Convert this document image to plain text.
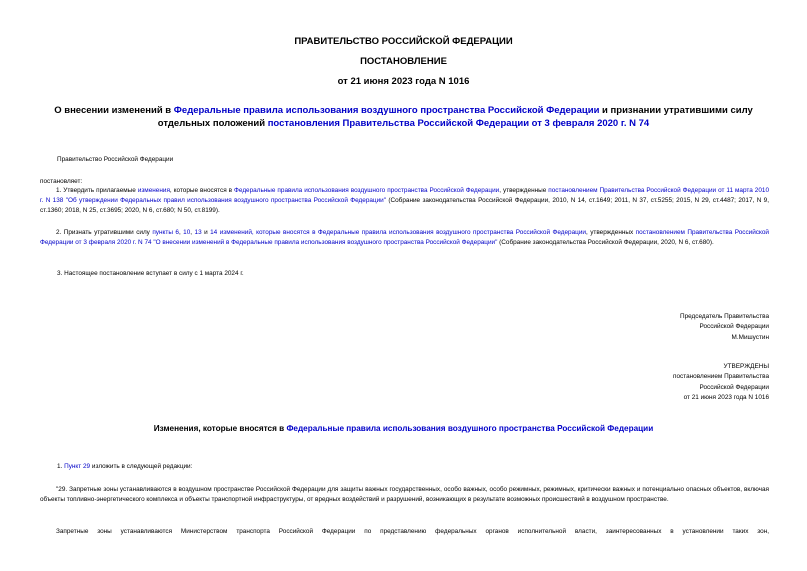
ПРАВИТЕЛЬСТВО РОССИЙСКОЙ ФЕДЕРАЦИИ
ПОСТАНОВЛЕНИЕ
от 21 июня 2023 года N 1016
О внесении изменений в Федеральные правила использования воздушного пространства Российской Федерации и признании утратившими силу отдельных положений постановления Правительства Российской Федерации от 3 февраля 2020 г. N 74
Правительство Российской Федерации
постановляет:
1. Утвердить прилагаемые изменения, которые вносятся в Федеральные правила использования воздушного пространства Российской Федерации, утвержденные постановлением Правительства Российской Федерации от 11 марта 2010 г. N 138 "Об утверждении Федеральных правил использования воздушного пространства Российской Федерации" (Собрание законодательства Российской Федерации, 2010, N 14, ст.1649; 2011, N 37, ст.5255; 2015, N 29, ст.4487; 2017, N 9, ст.1360; 2018, N 25, ст.3695; 2020, N 6, ст.680; N 50, ст.8199).
2. Признать утратившими силу пункты 6, 10, 13 и 14 изменений, которые вносятся в Федеральные правила использования воздушного пространства Российской Федерации, утвержденных постановлением Правительства Российской Федерации от 3 февраля 2020 г. N 74 "О внесении изменений в Федеральные правила использования воздушного пространства Российской Федерации" (Собрание законодательства Российской Федерации, 2020, N 6, ст.680).
3. Настоящее постановление вступает в силу с 1 марта 2024 г.
Председатель Правительства
Российской Федерации
М.Мишустин
УТВЕРЖДЕНЫ
постановлением Правительства
Российской Федерации
от 21 июня 2023 года N 1016
Изменения, которые вносятся в Федеральные правила использования воздушного пространства Российской Федерации
1. Пункт 29 изложить в следующей редакции:
"29. Запретные зоны устанавливаются в воздушном пространстве Российской Федерации для защиты важных государственных, особо важных, особо режимных, режимных, критически важных и потенциально опасных объектов, включая объекты топливно-энергетического комплекса и объекты транспортной инфраструктуры, от вредных воздействий и разрушений, возникающих в результате возможных происшествий в воздушном пространстве.
Запретные зоны устанавливаются Министерством транспорта Российской Федерации по представлению федеральных органов исполнительной власти, заинтересованных в установлении таких зон,
